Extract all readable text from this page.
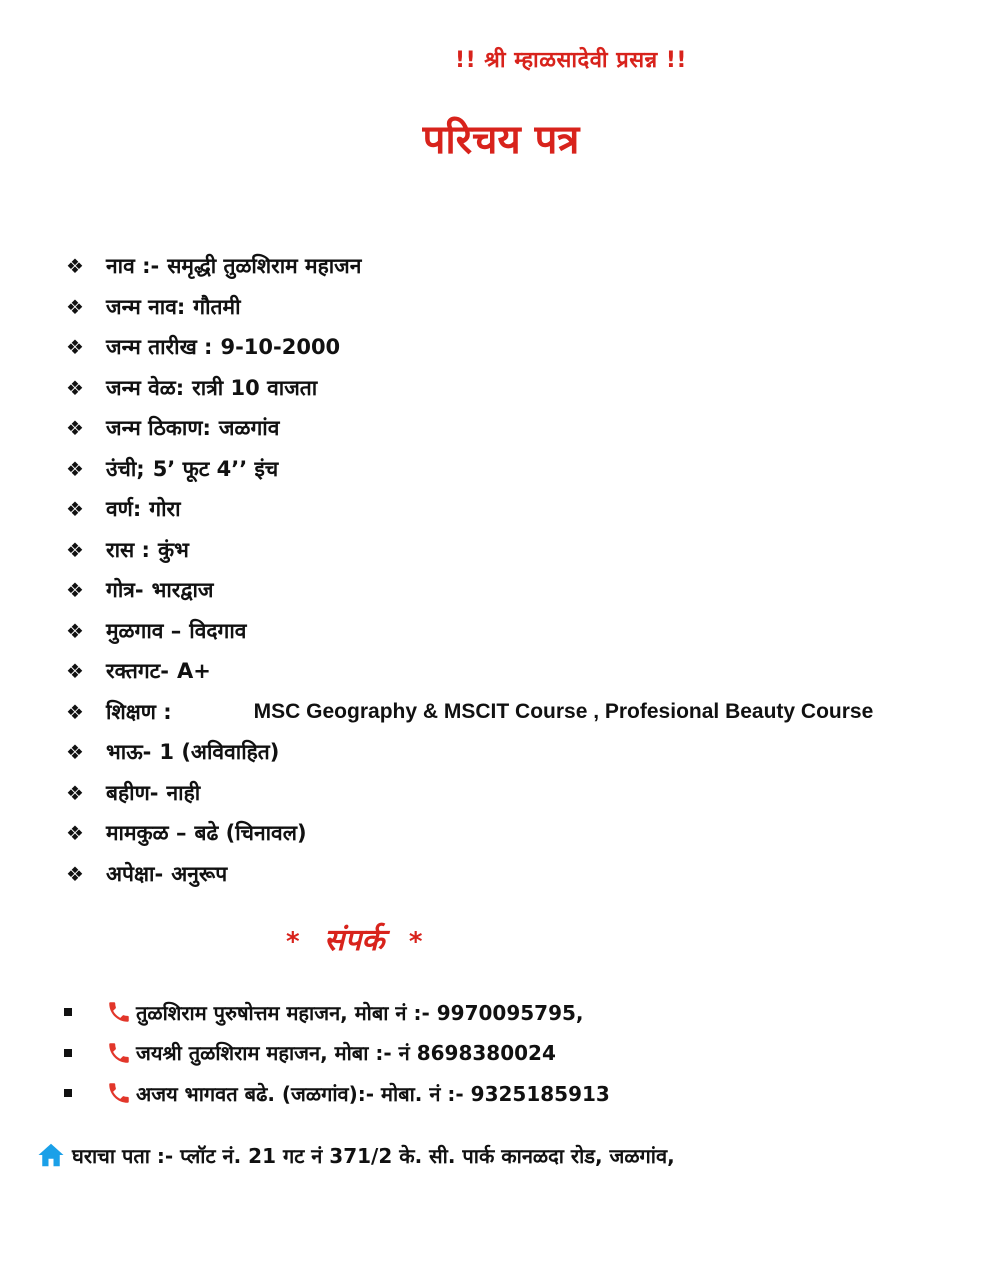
!! श्री म्हाळसादेवी प्रसन्न !!
परिचय पत्र
❖	नाव :- समृद्धी तुळशिराम महाजन
❖	जन्म नाव: गौतमी
❖	जन्म तारीख : 9-10-2000
❖	जन्म वेळ: रात्री 10 वाजता
❖	जन्म ठिकाण: जळगांव
❖	उंची; 5’ फूट 4’’ इंच
❖	वर्ण: गोरा
❖	रास : कुंभ
❖	गोत्र- भारद्वाज
❖	मुळगाव – विदगाव
❖	रक्तगट- A+
❖	शिक्षण :	MSC Geography & MSCIT Course , Profesional Beauty Course
❖	भाऊ- 1 (अविवाहित)
❖	बहीण- नाही
❖	मामकुळ – बढे (चिनावल)
❖	अपेक्षा- अनुरूप
* संपर्क *
तुळशिराम पुरुषोत्तम महाजन, मोबा नं :- 9970095795,
जयश्री तुळशिराम महाजन, मोबा :- नं 8698380024
अजय भागवत बढे. (जळगांव):- मोबा. नं :- 9325185913
घराचा पता :- प्लॉट नं. 21 गट नं 371/2 के. सी. पार्क कानळदा रोड, जळगांव,
